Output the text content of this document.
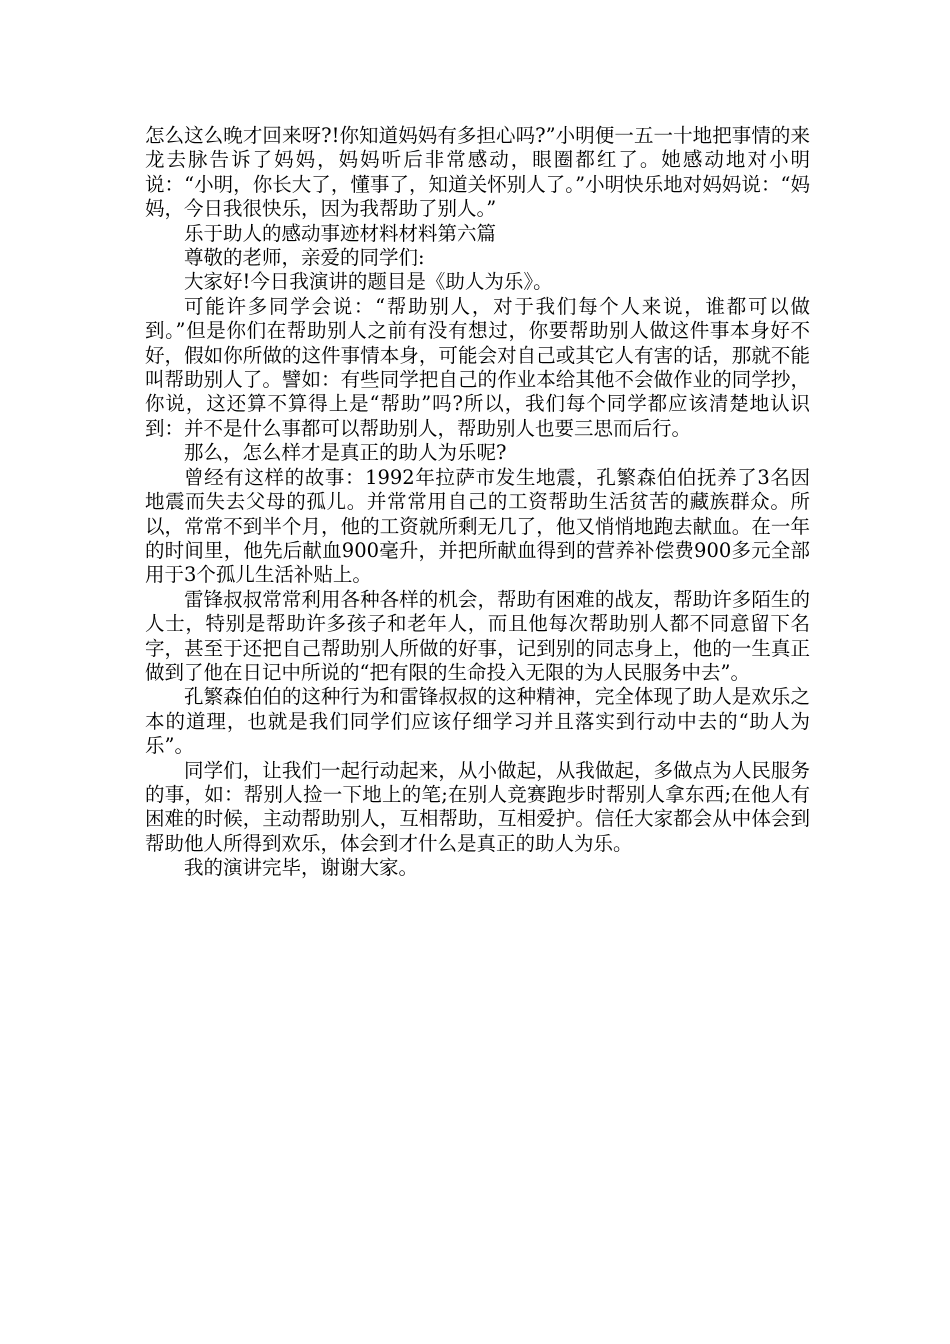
怎么这么晚才回来呀?!你知道妈妈有多担心吗?”小明便一五一十地把事情的来龙去脉告诉了妈妈，妈妈听后非常感动，眼圈都红了。她感动地对小明说：“小明，你长大了，懂事了，知道关怀别人了。”小明快乐地对妈妈说：“妈妈，今日我很快乐，因为我帮助了别人。”

乐于助人的感动事迹材料材料第六篇

尊敬的老师，亲爱的同学们:

大家好!今日我演讲的题目是《助人为乐》。

可能许多同学会说：“帮助别人，对于我们每个人来说，谁都可以做到。”但是你们在帮助别人之前有没有想过，你要帮助别人做这件事本身好不好，假如你所做的这件事情本身，可能会对自己或其它人有害的话，那就不能叫帮助别人了。譬如：有些同学把自己的作业本给其他不会做作业的同学抄，你说，这还算不算得上是“帮助”吗?所以，我们每个同学都应该清楚地认识到：并不是什么事都可以帮助别人，帮助别人也要三思而后行。

那么，怎么样才是真正的助人为乐呢?

曾经有这样的故事：1992年拉萨市发生地震，孔繁森伯伯抚养了3名因地震而失去父母的孤儿。并常常用自己的工资帮助生活贫苦的藏族群众。所以，常常不到半个月，他的工资就所剩无几了，他又悄悄地跑去献血。在一年的时间里，他先后献血900毫升，并把所献血得到的营养补偿费900多元全部用于3个孤儿生活补贴上。

雷锋叔叔常常利用各种各样的机会，帮助有困难的战友，帮助许多陌生的人士，特别是帮助许多孩子和老年人，而且他每次帮助别人都不同意留下名字，甚至于还把自己帮助别人所做的好事，记到别的同志身上，他的一生真正做到了他在日记中所说的“把有限的生命投入无限的为人民服务中去”。

孔繁森伯伯的这种行为和雷锋叔叔的这种精神，完全体现了助人是欢乐之本的道理，也就是我们同学们应该仔细学习并且落实到行动中去的“助人为乐”。

同学们，让我们一起行动起来，从小做起，从我做起，多做点为人民服务的事，如：帮别人捡一下地上的笔;在别人竞赛跑步时帮别人拿东西;在他人有困难的时候，主动帮助别人，互相帮助，互相爱护。信任大家都会从中体会到帮助他人所得到欢乐，体会到才什么是真正的助人为乐。

我的演讲完毕，谢谢大家。
